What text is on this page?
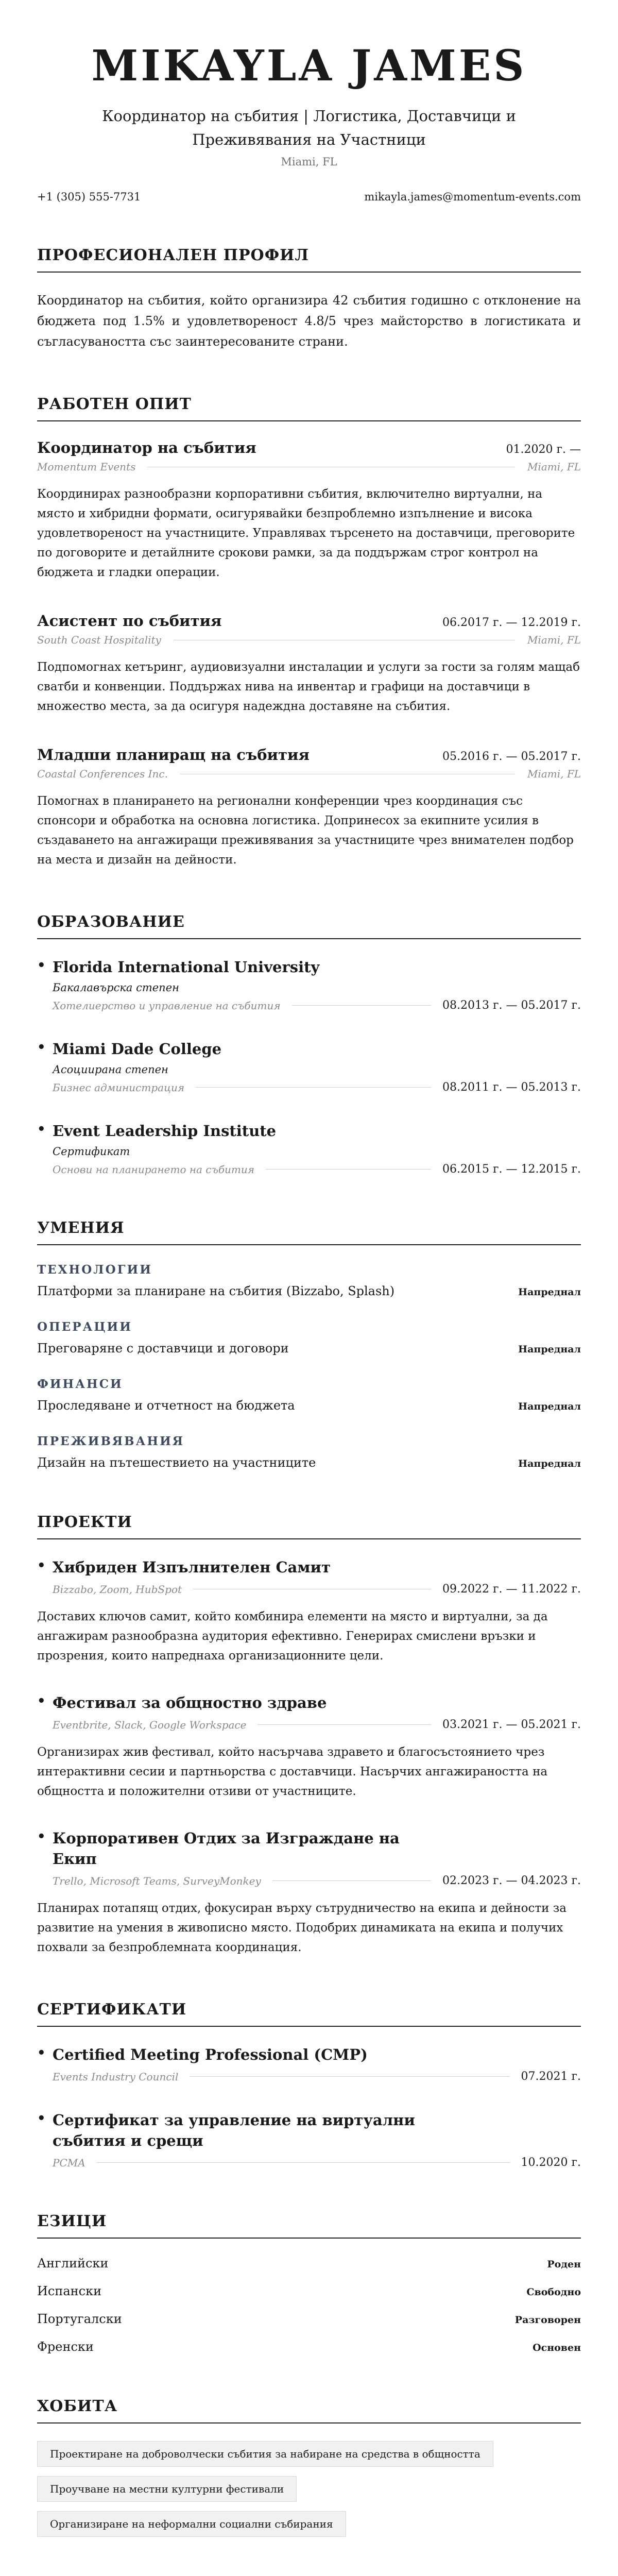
MIKAYLA JAMES
Координатор на събития | Логистика, Доставчици и Преживявания на Участници
Miami, FL
+1 (305) 555-7731	mikayla.james@momentum-events.com
ПРОФЕСИОНАЛЕН ПРОФИЛ

Координатор на събития, който организира 42 събития годишно с отклонение на бюджета под 1.5% и удовлетвореност 4.8/5 чрез майсторство в логистиката и съгласуваността със заинтересованите страни.

РАБОТЕН ОПИТ
Координатор на събития	01.2020 г. —
Momentum Events	Miami, FL

Координирах разнообразни корпоративни събития, включително виртуални, на място и хибридни формати, осигурявайки безпроблемно изпълнение и висока удовлетвореност на участниците. Управлявах търсенето на доставчици, преговорите по договорите и детайлните срокови рамки, за да поддържам строг контрол на бюджета и гладки операции.

Асистент по събития	06.2017 г. — 12.2019 г.
South Coast Hospitality	Miami, FL

Подпомогнах кетъринг, аудиовизуални инсталации и услуги за гости за голям мащаб сватби и конвенции. Поддържах нива на инвентар и графици на доставчици в множество места, за да осигуря надеждна доставяне на събития.

Младши планиращ на събития	05.2016 г. — 05.2017 г.
Coastal Conferences Inc.	Miami, FL

Помогнах в планирането на регионални конференции чрез координация със спонсори и обработка на основна логистика. Допринесох за екипните усилия в създаването на ангажиращи преживявания за участниците чрез внимателен подбор на места и дизайн на дейности.

ОБРАЗОВАНИЕ
• Florida International University
Бакалавърска степен
Хотелиерство и управление на събития	08.2013 г. — 05.2017 г.
• Miami Dade College
Асоциирана степен
Бизнес администрация	08.2011 г. — 05.2013 г.
• Event Leadership Institute
Сертификат
Основи на планирането на събития	06.2015 г. — 12.2015 г.
УМЕНИЯ
ТЕХНОЛОГИИ
Платформи за планиране на събития (Bizzabo, Splash)	Напреднал
ОПЕРАЦИИ
Преговаряне с доставчици и договори	Напреднал
ФИНАНСИ
Проследяване и отчетност на бюджета	Напреднал
ПРЕЖИВЯВАНИЯ
Дизайн на пътешествието на участниците	Напреднал
ПРОЕКТИ
• Хибриден Изпълнителен Самит
Bizzabo, Zoom, HubSpot	09.2022 г. — 11.2022 г.

Доставих ключов самит, който комбинира елементи на място и виртуални, за да ангажирам разнообразна аудитория ефективно. Генерирах смислени връзки и прозрения, които напреднаха организационните цели.

• Фестивал за общностно здраве
Eventbrite, Slack, Google Workspace	03.2021 г. — 05.2021 г.

Организирах жив фестивал, който насърчава здравето и благосъстоянието чрез интерактивни сесии и партньорства с доставчици. Насърчих ангажираността на общността и положителни отзиви от участниците.

• Корпоративен Отдих за Изграждане на Екип
Trello, Microsoft Teams, SurveyMonkey	02.2023 г. — 04.2023 г.

Планирах потапящ отдих, фокусиран върху сътрудничество на екипа и дейности за развитие на умения в живописно място. Подобрих динамиката на екипа и получих похвали за безпроблемната координация.

СЕРТИФИКАТИ
• Certified Meeting Professional (CMP)
Events Industry Council	07.2021 г.
• Сертификат за управление на виртуални събития и срещи
PCMA	10.2020 г.
ЕЗИЦИ
Английски	Роден
Испански	Свободно
Португалски	Разговорен
Френски	Основен
ХОБИТА
Проектиране на доброволчески събития за набиране на средства в общността
Проучване на местни културни фестивали
Организиране на неформални социални събирания
